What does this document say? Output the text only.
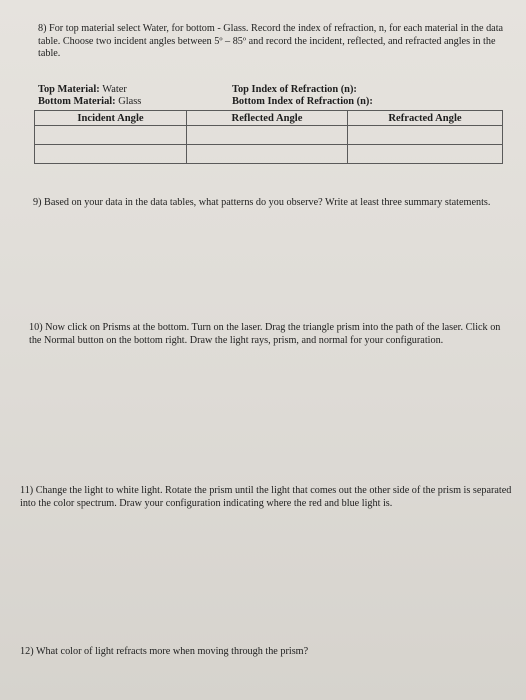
8) For top material select Water, for bottom - Glass. Record the index of refraction, n, for each material in the data table. Choose two incident angles between 5º – 85º and record the incident, reflected, and refracted angles in the table.

Top Material: Water

Bottom Material: Glass

Top Index of Refraction (n):

Bottom Index of Refraction (n):

Incident Angle	Reflected Angle	Refracted Angle

9) Based on your data in the data tables, what patterns do you observe? Write at least three summary statements.

10) Now click on Prisms at the bottom. Turn on the laser. Drag the triangle prism into the path of the laser. Click on the Normal button on the bottom right. Draw the light rays, prism, and normal for your configuration.

11) Change the light to white light. Rotate the prism until the light that comes out the other side of the prism is separated into the color spectrum. Draw your configuration indicating where the red and blue light is.

12) What color of light refracts more when moving through the prism?
